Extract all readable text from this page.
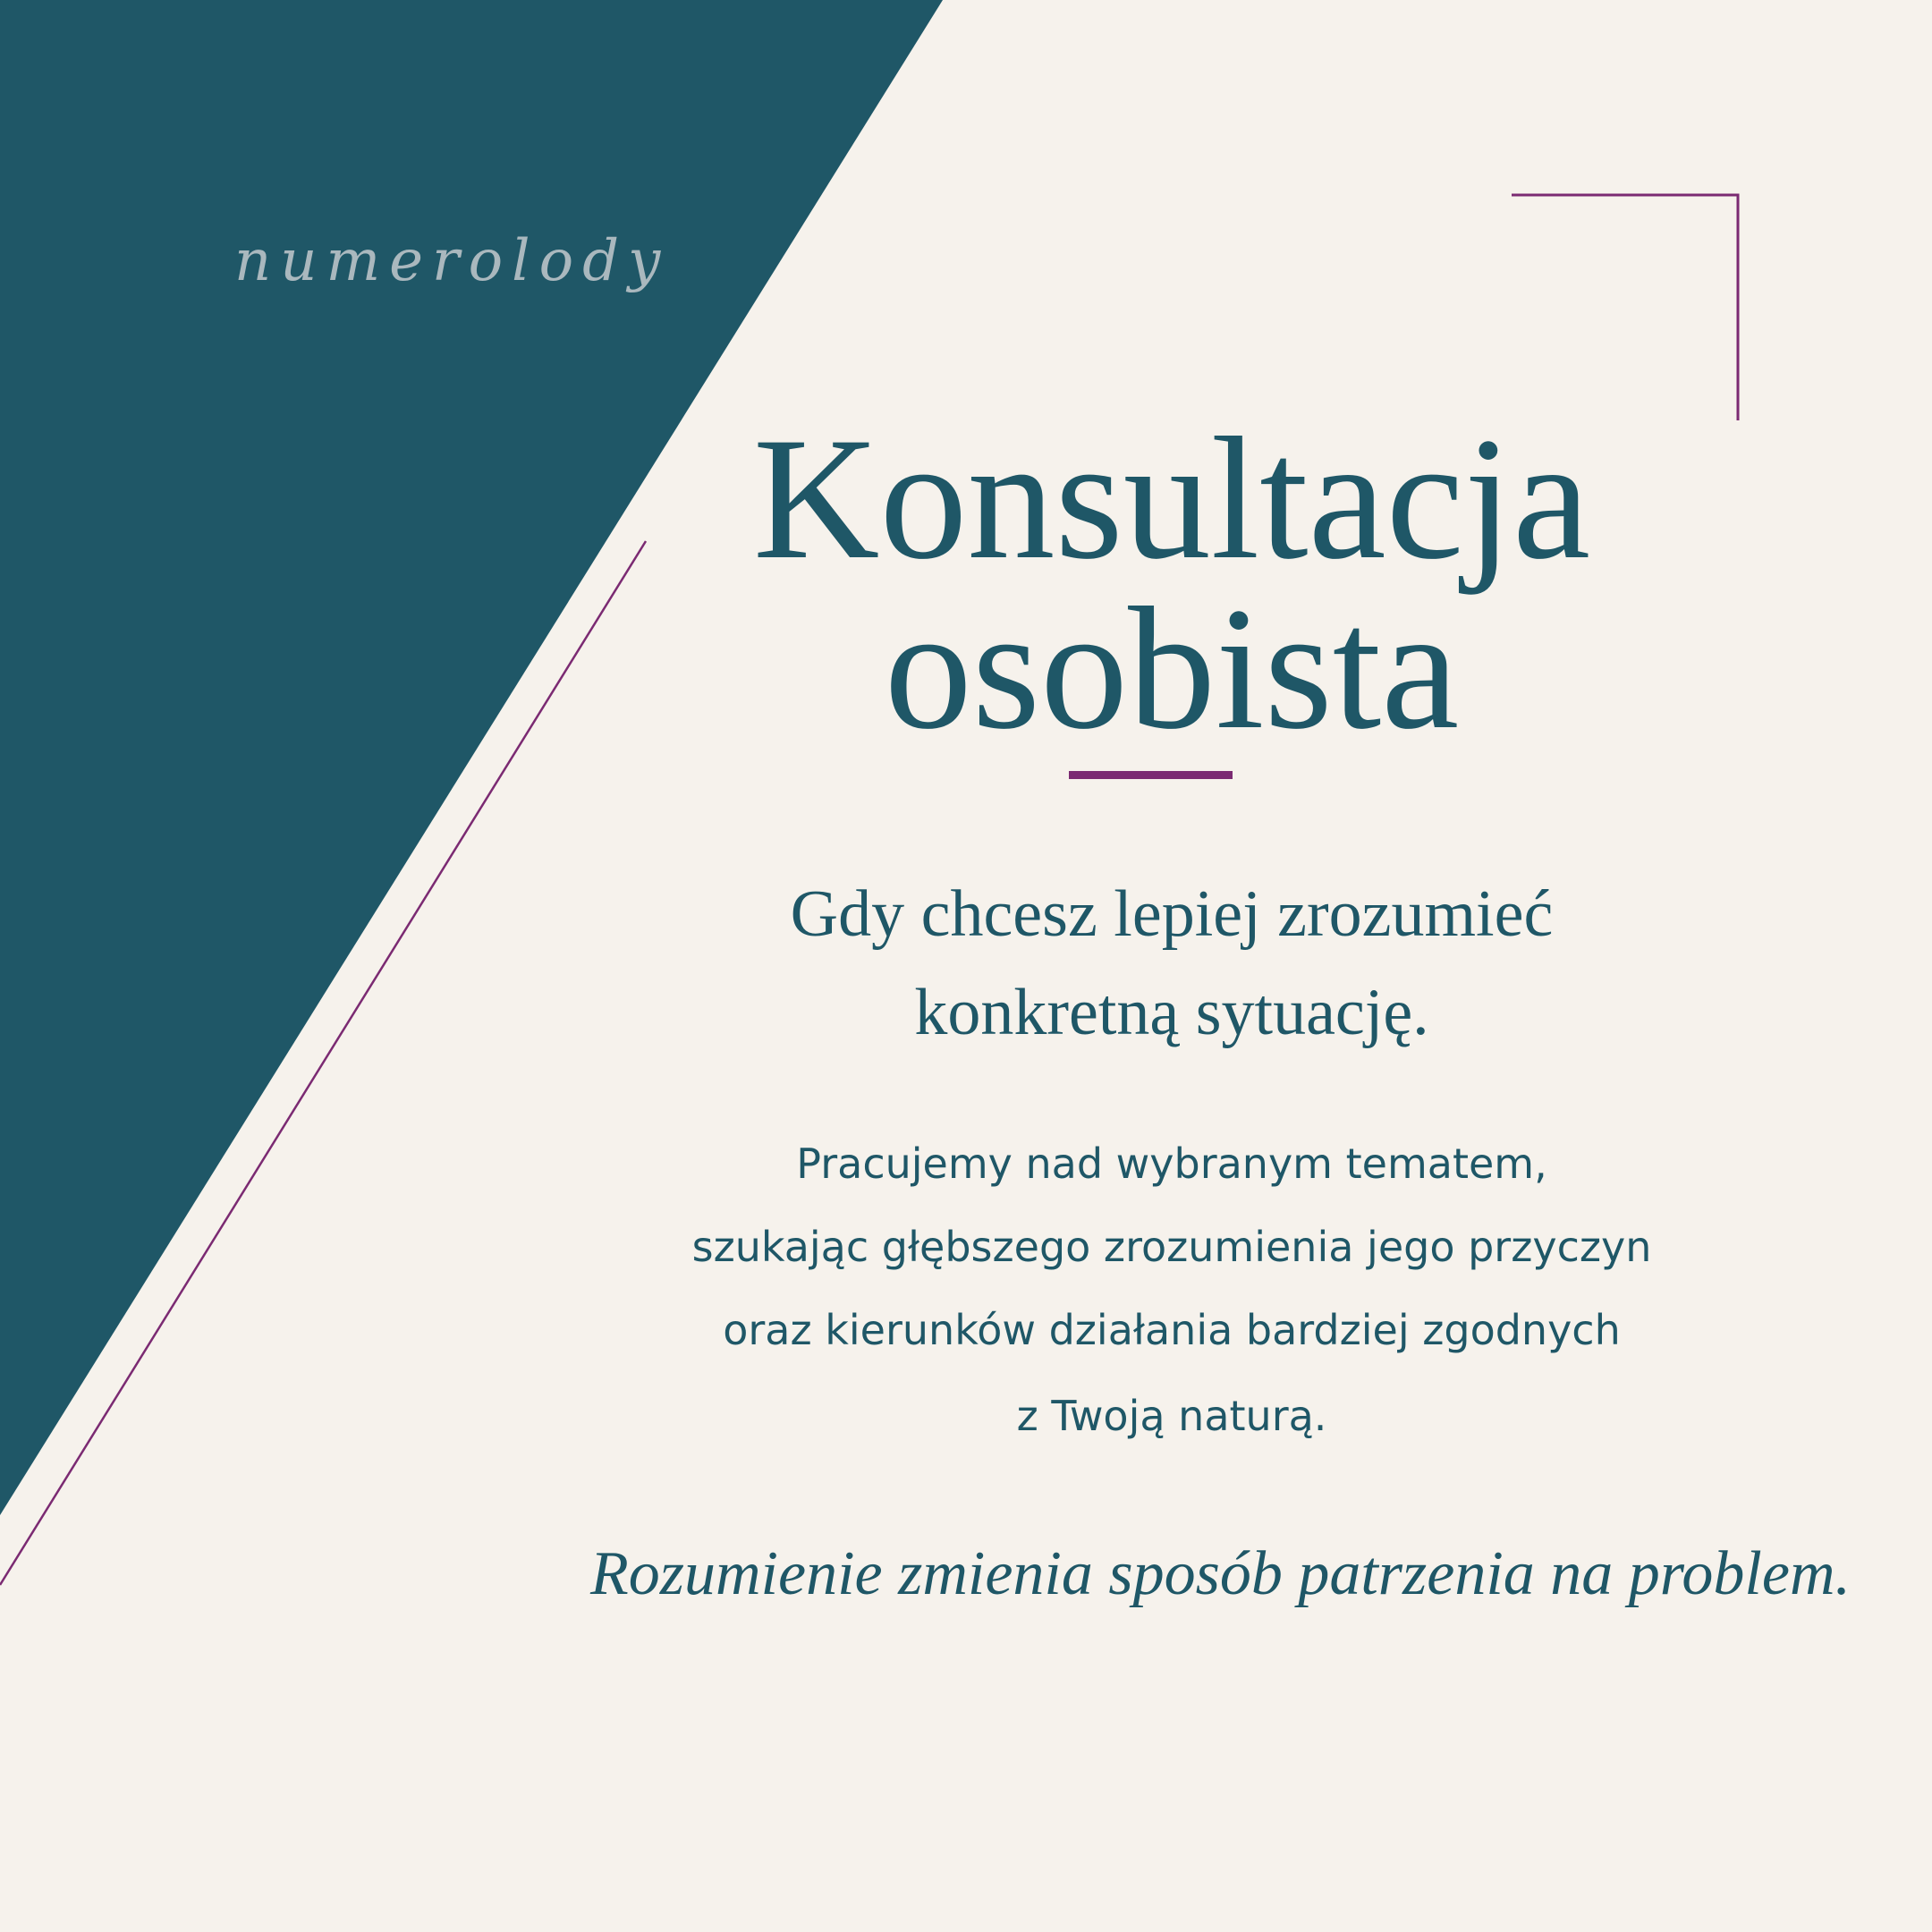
numerolody
Konsultacja
osobista
Gdy chcesz lepiej zrozumieć
konkretną sytuację.
Pracujemy nad wybranym tematem,
szukając głębszego zrozumienia jego przyczyn
oraz kierunków działania bardziej zgodnych
z Twoją naturą.
Rozumienie zmienia sposób patrzenia na problem.
